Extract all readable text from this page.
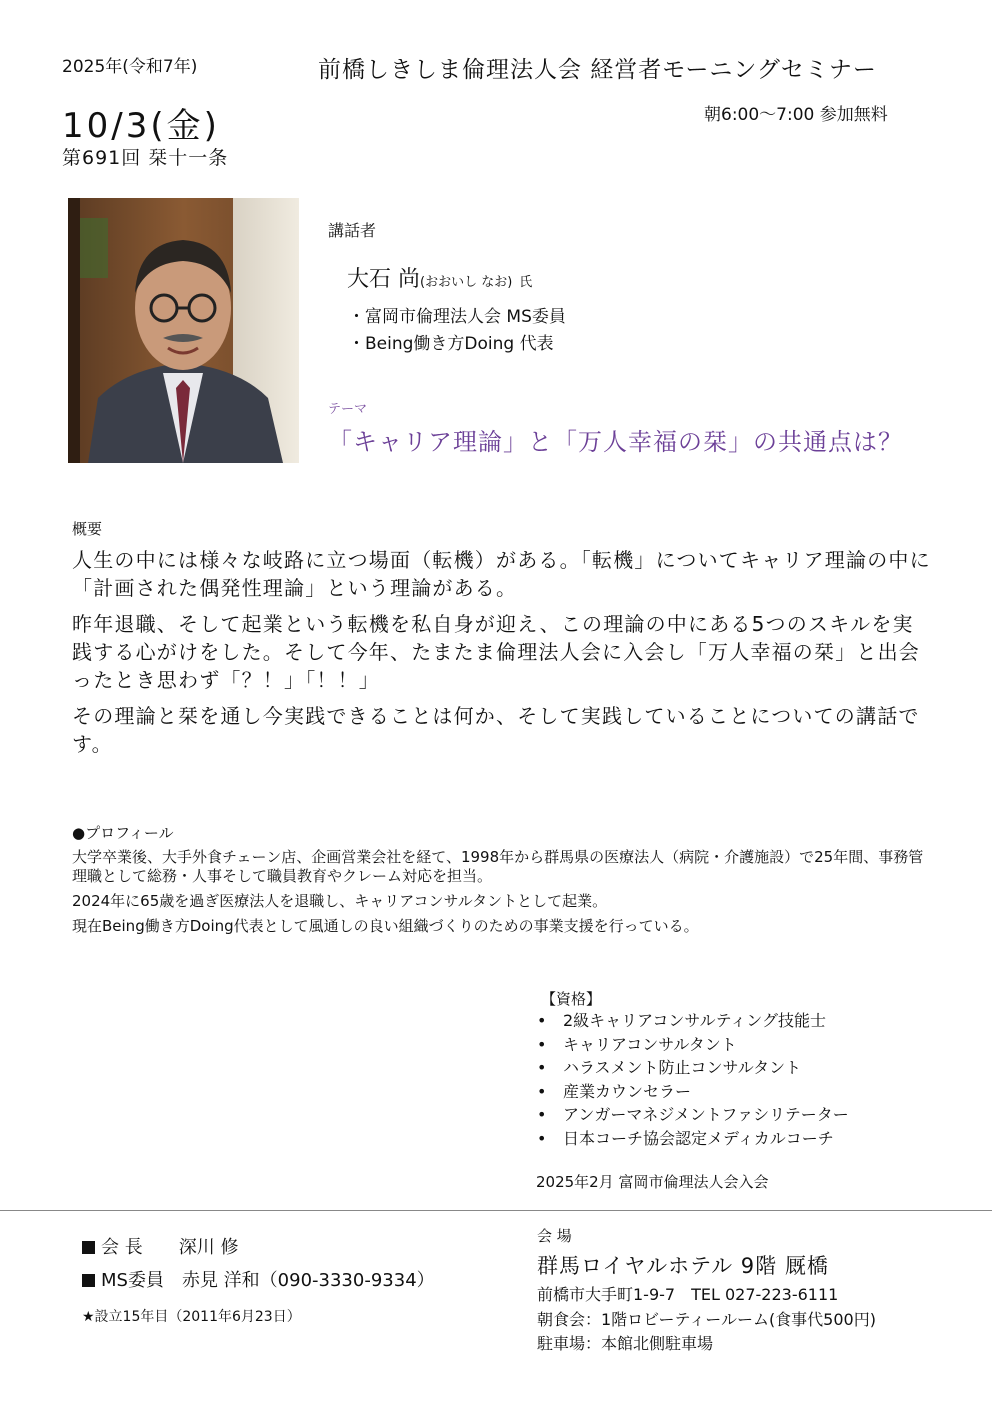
2025年(令和7年)	前橋しきしま倫理法人会 経営者モーニングセミナー
10/3(金)	朝6:00～7:00 参加無料
第691回 栞十一条
講話者
大石 尚(おおいし なお) 氏
・富岡市倫理法人会 MS委員
・Being働き方Doing 代表
テーマ
「キャリア理論」と「万人幸福の栞」の共通点は？
概要

人生の中には様々な岐路に立つ場面（転機）がある。「転機」についてキャリア理論の中に「計画された偶発性理論」という理論がある。

昨年退職、そして起業という転機を私自身が迎え、この理論の中にある5つのスキルを実践する心がけをした。そして今年、たまたま倫理法人会に入会し「万人幸福の栞」と出会ったとき思わず「？！」「！！」

その理論と栞を通し今実践できることは何か、そして実践していることについての講話です。

●プロフィール

大学卒業後、大手外食チェーン店、企画営業会社を経て、1998年から群馬県の医療法人（病院・介護施設）で25年間、事務管理職として総務・人事そして職員教育やクレーム対応を担当。

2024年に65歳を過ぎ医療法人を退職し、キャリアコンサルタントとして起業。

現在Being働き方Doing代表として風通しの良い組織づくりのための事業支援を行っている。

【資格】
• 2級キャリアコンサルティング技能士
• キャリアコンサルタント
• ハラスメント防止コンサルタント
• 産業カウンセラー
• アンガーマネジメントファシリテーター
• 日本コーチ協会認定メディカルコーチ
2025年2月 富岡市倫理法人会入会
会 長　　深川 修
MS委員　赤見 洋和（090-3330-9334）
★設立15年目（2011年6月23日）
会 場
群馬ロイヤルホテル 9階 厩橋
前橋市大手町1-9-7　TEL 027-223-6111
朝食会：1階ロビーティールーム(食事代500円)
駐車場：本館北側駐車場
